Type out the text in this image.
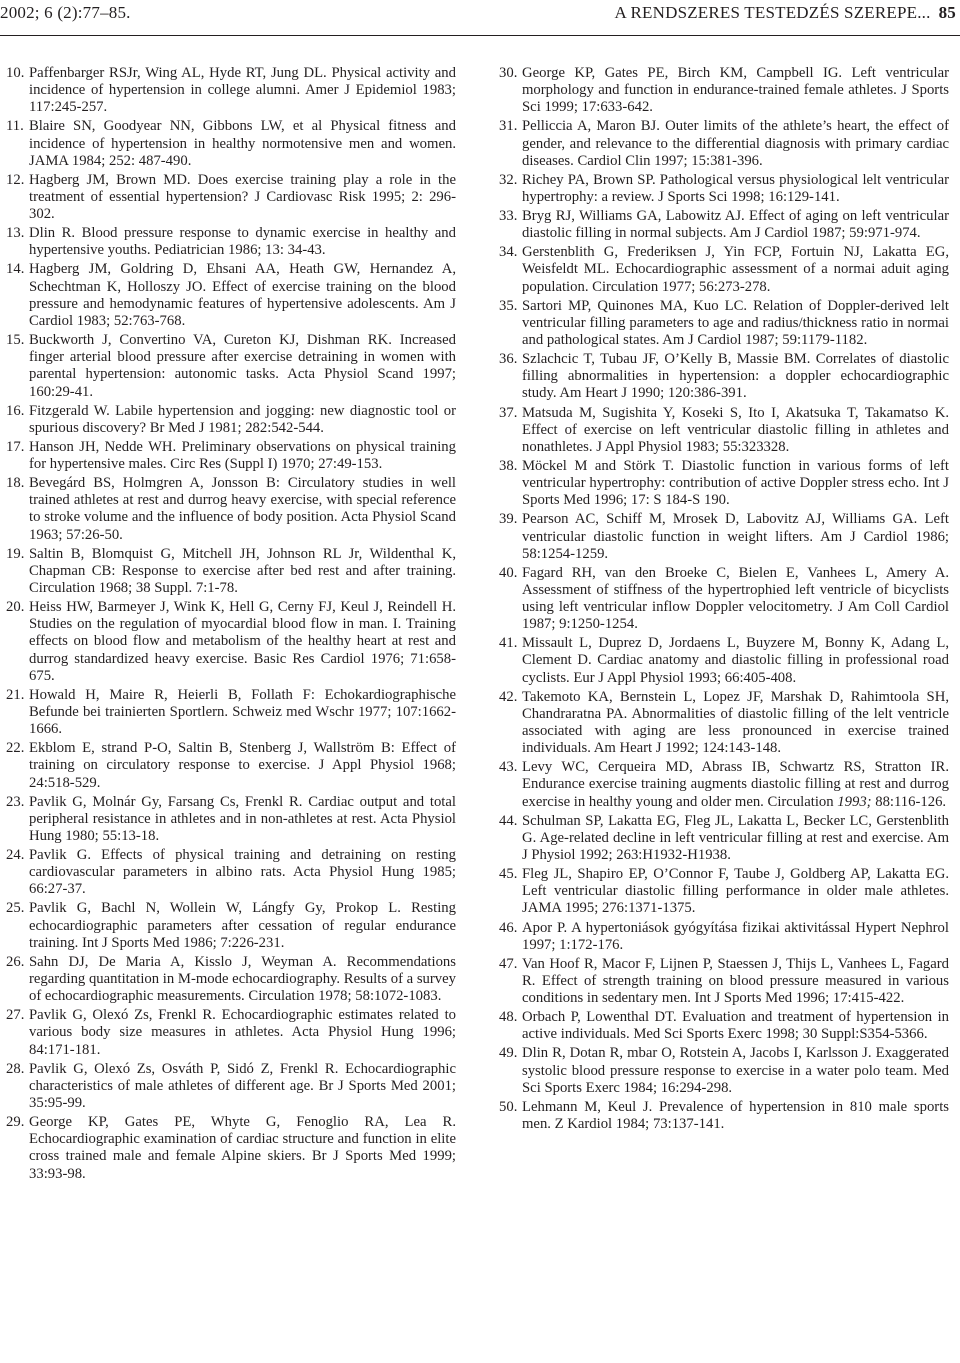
2002; 6 (2):77–85.	A RENDSZERES TESTEDZÉS SZEREPE... 85
10. Paffenbarger RSJr, Wing AL, Hyde RT, Jung DL. Physical activity and incidence of hypertension in college alumni. Amer J Epidemiol 1983; 117:245-257.
11. Blaire SN, Goodyear NN, Gibbons LW, et al Physical fitness and incidence of hypertension in healthy normotensive men and women. JAMA 1984; 252: 487-490.
12. Hagberg JM, Brown MD. Does exercise training play a role in the treatment of essential hypertension? J Cardiovasc Risk 1995; 2: 296-302.
13. Dlin R. Blood pressure response to dynamic exercise in healthy and hypertensive youths. Pediatrician 1986; 13: 34-43.
14. Hagberg JM, Goldring D, Ehsani AA, Heath GW, Hernandez A, Schechtman K, Holloszy JO. Effect of exercise training on the blood pressure and hemodynamic features of hypertensive adolescents. Am J Cardiol 1983; 52:763-768.
15. Buckworth J, Convertino VA, Cureton KJ, Dishman RK. Increased finger arterial blood pressure after exercise detraining in women with parental hypertension: autonomic tasks. Acta Physiol Scand 1997; 160:29-41.
16. Fitzgerald W. Labile hypertension and jogging: new diagnostic tool or spurious discovery? Br Med J 1981; 282:542-544.
17. Hanson JH, Nedde WH. Preliminary observations on physical training for hypertensive males. Circ Res (Suppl I) 1970; 27:49-153.
18. Bevegárd BS, Holmgren A, Jonsson B: Circulatory studies in well trained athletes at rest and durrog heavy exercise, with special reference to stroke volume and the influence of body position. Acta Physiol Scand 1963; 57:26-50.
19. Saltin B, Blomquist G, Mitchell JH, Johnson RL Jr, Wildenthal K, Chapman CB: Response to exercise after bed rest and after training. Circulation 1968; 38 Suppl. 7:1-78.
20. Heiss HW, Barmeyer J, Wink K, Hell G, Cerny FJ, Keul J, Reindell H. Studies on the regulation of myocardial blood flow in man. I. Training effects on blood flow and metabolism of the healthy heart at rest and durrog standardized heavy exercise. Basic Res Cardiol 1976; 71:658-675.
21. Howald H, Maire R, Heierli B, Follath F: Echokardiographische Befunde bei trainierten Sportlern. Schweiz med Wschr 1977; 107:1662-1666.
22. Ekblom E, strand P-O, Saltin B, Stenberg J, Wallström B: Effect of training on circulatory response to exercise. J Appl Physiol 1968; 24:518-529.
23. Pavlik G, Molnár Gy, Farsang Cs, Frenkl R. Cardiac output and total peripheral resistance in athletes and in non-athletes at rest. Acta Physiol Hung 1980; 55:13-18.
24. Pavlik G. Effects of physical training and detraining on resting cardiovascular parameters in albino rats. Acta Physiol Hung 1985; 66:27-37.
25. Pavlik G, Bachl N, Wollein W, Lángfy Gy, Prokop L. Resting echocardiographic parameters after cessation of regular endurance training. Int J Sports Med 1986; 7:226-231.
26. Sahn DJ, De Maria A, Kisslo J, Weyman A. Recommendations regarding quantitation in M-mode echocardiography. Results of a survey of echocardiographic measurements. Circulation 1978; 58:1072-1083.
27. Pavlik G, Olexó Zs, Frenkl R. Echocardiographic estimates related to various body size measures in athletes. Acta Physiol Hung 1996; 84:171-181.
28. Pavlik G, Olexó Zs, Osváth P, Sidó Z, Frenkl R. Echocardiographic characteristics of male athletes of different age. Br J Sports Med 2001; 35:95-99.
29. George KP, Gates PE, Whyte G, Fenoglio RA, Lea R. Echocardiographic examination of cardiac structure and function in elite cross trained male and female Alpine skiers. Br J Sports Med 1999; 33:93-98.
30. George KP, Gates PE, Birch KM, Campbell IG. Left ventricular morphology and function in endurance-trained female athletes. J Sports Sci 1999; 17:633-642.
31. Pelliccia A, Maron BJ. Outer limits of the athlete’s heart, the effect of gender, and relevance to the differential diagnosis with primary cardiac diseases. Cardiol Clin 1997; 15:381-396.
32. Richey PA, Brown SP. Pathological versus physiological lelt ventricular hypertrophy: a review. J Sports Sci 1998; 16:129-141.
33. Bryg RJ, Williams GA, Labowitz AJ. Effect of aging on left ventricular diastolic filling in normal subjects. Am J Cardiol 1987; 59:971-974.
34. Gerstenblith G, Frederiksen J, Yin FCP, Fortuin NJ, Lakatta EG, Weisfeldt ML. Echocardiographic assessment of a normai aduit aging population. Circulation 1977; 56:273-278.
35. Sartori MP, Quinones MA, Kuo LC. Relation of Doppler-derived lelt ventricular filling parameters to age and radius/thickness ratio in normai and pathological states. Am J Cardiol 1987; 59:1179-1182.
36. Szlachcic T, Tubau JF, O’Kelly B, Massie BM. Correlates of diastolic filling abnormalities in hypertension: a doppler echocardiographic study. Am Heart J 1990; 120:386-391.
37. Matsuda M, Sugishita Y, Koseki S, Ito I, Akatsuka T, Takamatso K. Effect of exercise on left ventricular diastolic filling in athletes and nonathletes. J Appl Physiol 1983; 55:323328.
38. Möckel M and Störk T. Diastolic function in various forms of left ventricular hypertrophy: contribution of active Doppler stress echo. Int J Sports Med 1996; 17: S 184-S 190.
39. Pearson AC, Schiff M, Mrosek D, Labovitz AJ, Williams GA. Left ventricular diastolic function in weight lifters. Am J Cardiol 1986; 58:1254-1259.
40. Fagard RH, van den Broeke C, Bielen E, Vanhees L, Amery A. Assessment of stiffness of the hypertrophied left ventricle of bicyclists using left ventricular inflow Doppler velocitometry. J Am Coll Cardiol 1987; 9:1250-1254.
41. Missault L, Duprez D, Jordaens L, Buyzere M, Bonny K, Adang L, Clement D. Cardiac anatomy and diastolic filling in professional road cyclists. Eur J Appl Physiol 1993; 66:405-408.
42. Takemoto KA, Bernstein L, Lopez JF, Marshak D, Rahimtoola SH, Chandraratna PA. Abnormalities of diastolic filling of the lelt ventricle associated with aging are less pronounced in exercise trained individuals. Am Heart J 1992; 124:143-148.
43. Levy WC, Cerqueira MD, Abrass IB, Schwartz RS, Stratton IR. Endurance exercise training augments diastolic filling at rest and durrog exercise in healthy young and older men. Circulation 1993; 88:116-126.
44. Schulman SP, Lakatta EG, Fleg JL, Lakatta L, Becker LC, Gerstenblith G. Age-related decline in left ventricular filling at rest and exercise. Am J Physiol 1992; 263:H1932-H1938.
45. Fleg JL, Shapiro EP, O’Connor F, Taube J, Goldberg AP, Lakatta EG. Left ventricular diastolic filling performance in older male athletes. JAMA 1995; 276:1371-1375.
46. Apor P. A hypertoniások gyógyítása fizikai aktivitással Hypert Nephrol 1997; 1:172-176.
47. Van Hoof R, Macor F, Lijnen P, Staessen J, Thijs L, Vanhees L, Fagard R. Effect of strength training on blood pressure measured in various conditions in sedentary men. Int J Sports Med 1996; 17:415-422.
48. Orbach P, Lowenthal DT. Evaluation and treatment of hypertension in active individuals. Med Sci Sports Exerc 1998; 30 Suppl:S354-5366.
49. Dlin R, Dotan R, mbar O, Rotstein A, Jacobs I, Karlsson J. Exaggerated systolic blood pressure response to exercise in a water polo team. Med Sci Sports Exerc 1984; 16:294-298.
50. Lehmann M, Keul J. Prevalence of hypertension in 810 male sports men. Z Kardiol 1984; 73:137-141.
